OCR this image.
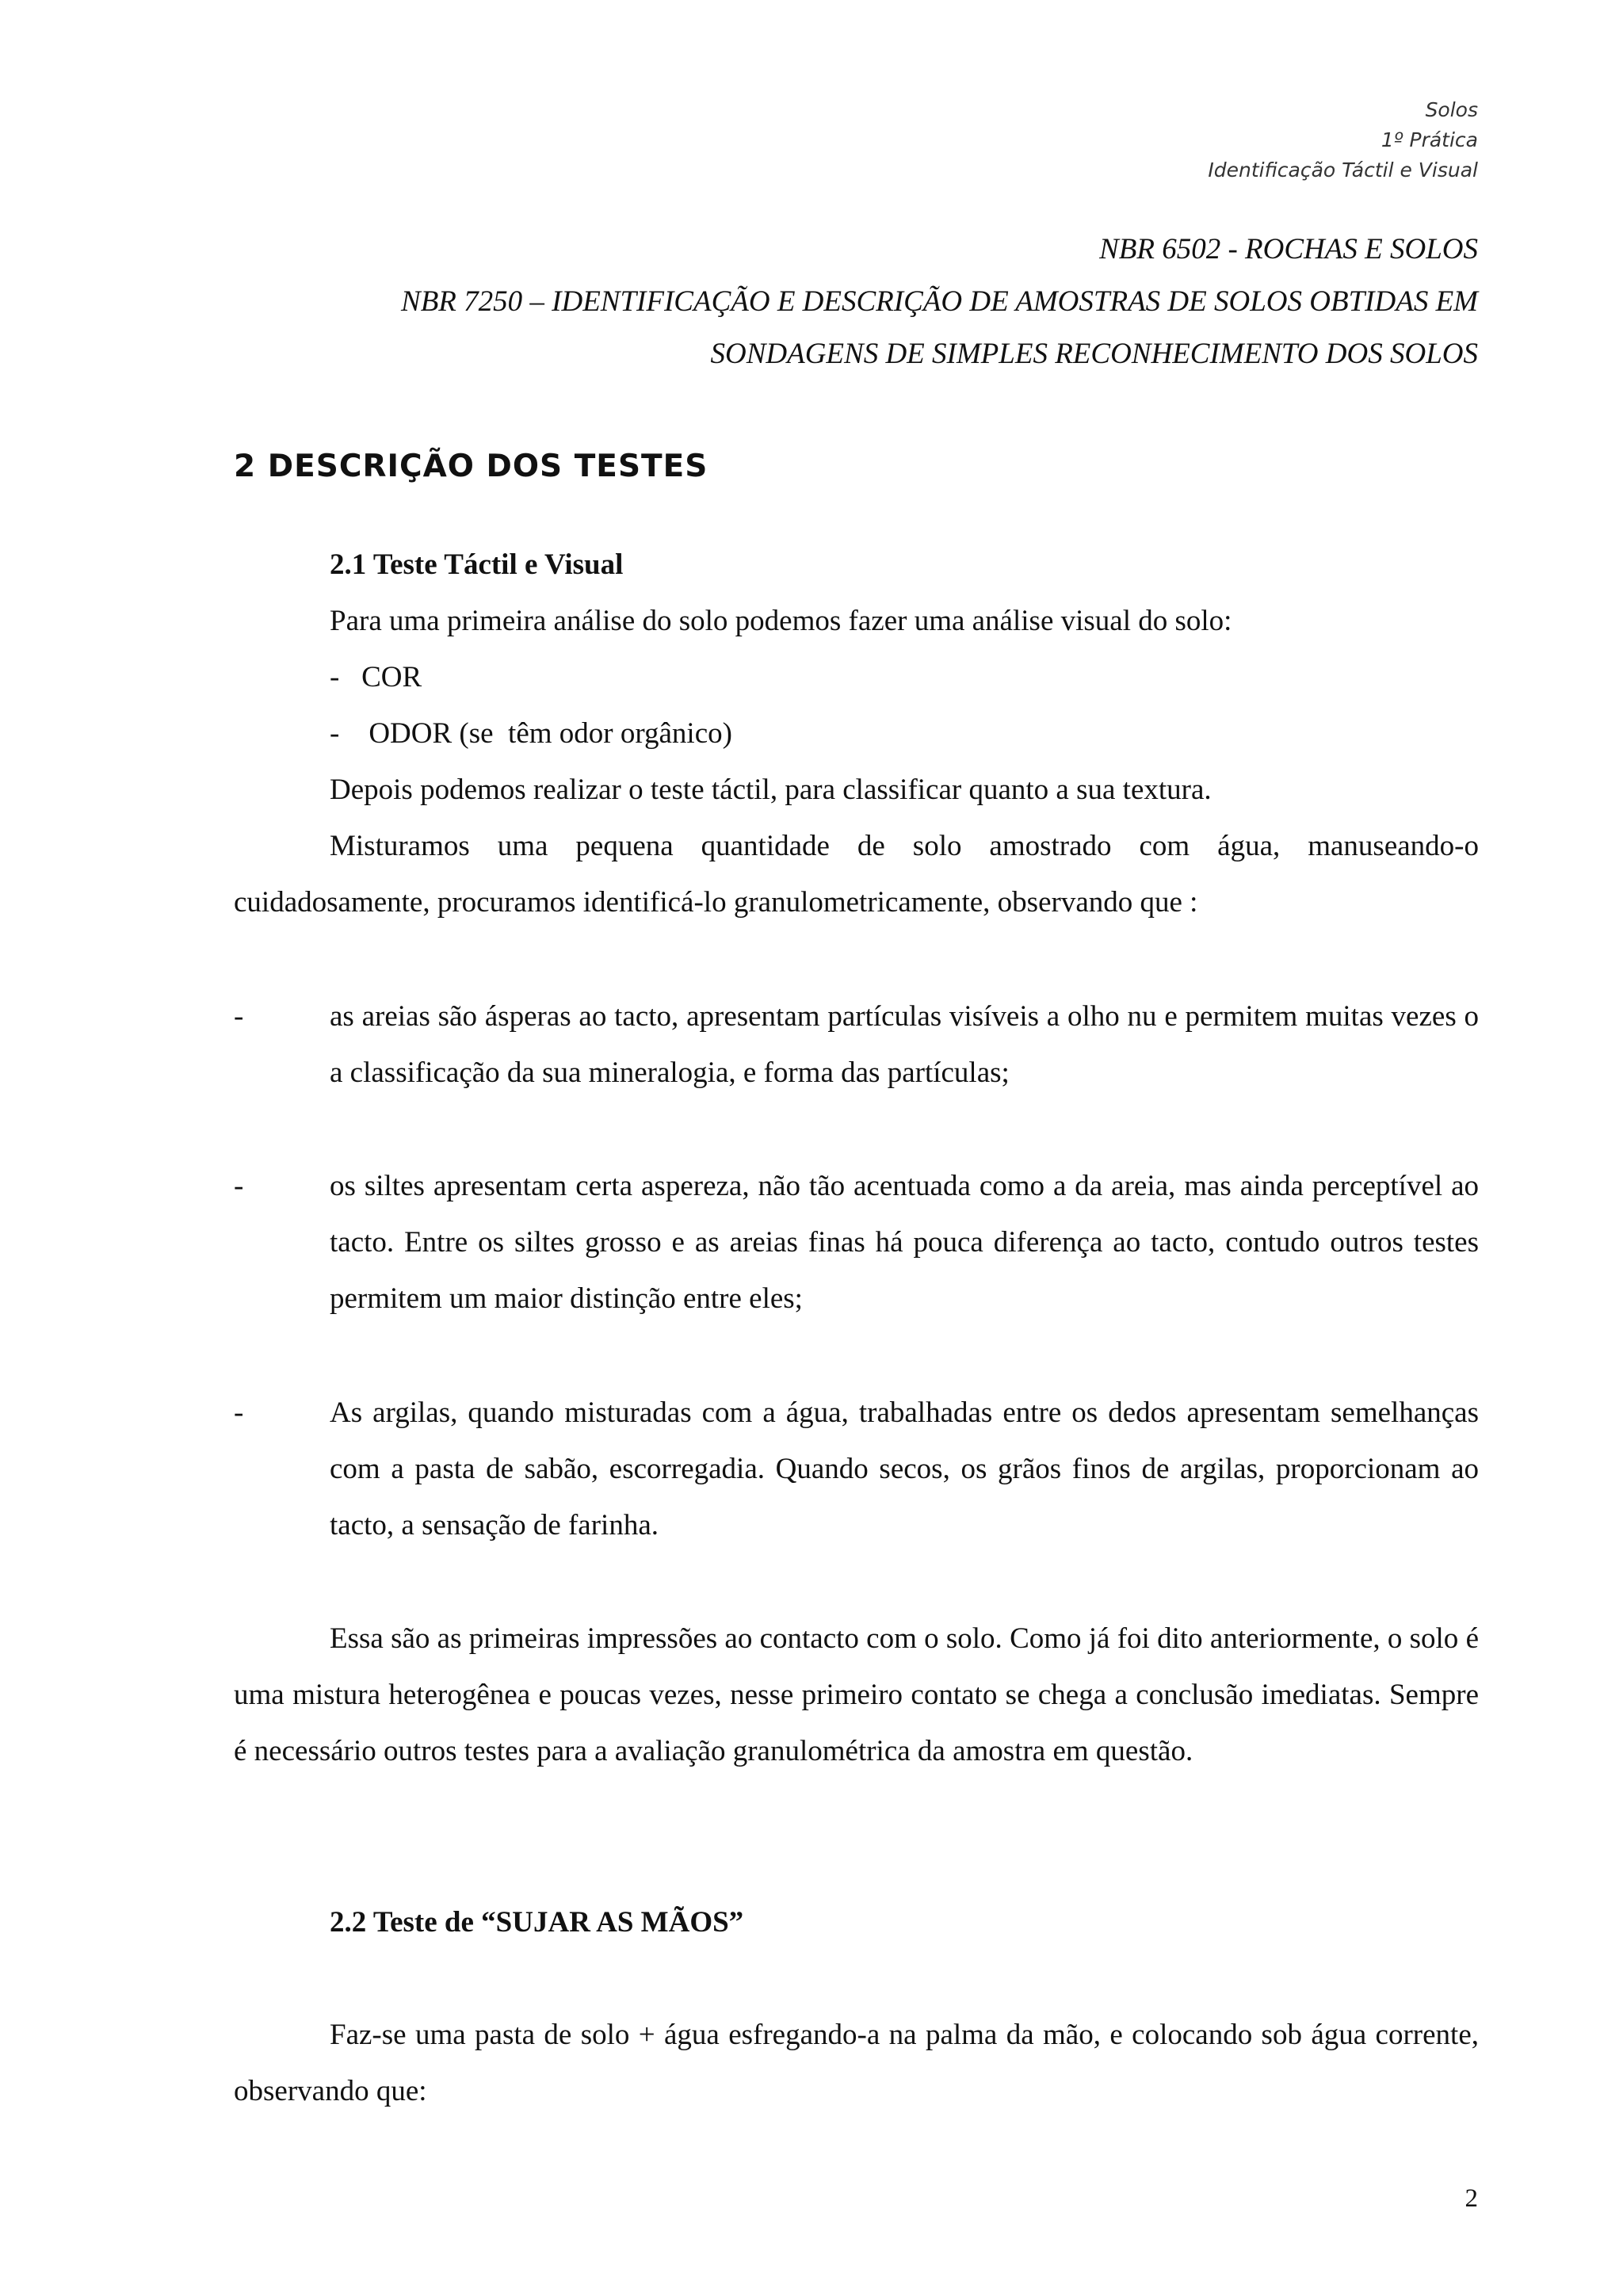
Solos
1º Prática
Identificação Táctil e Visual
NBR 6502 - ROCHAS E SOLOS
NBR 7250 – IDENTIFICAÇÃO E DESCRIÇÃO DE AMOSTRAS DE SOLOS OBTIDAS EM
SONDAGENS DE SIMPLES RECONHECIMENTO DOS SOLOS
2 DESCRIÇÃO DOS TESTES
2.1 Teste Táctil e Visual

Para uma primeira análise do solo podemos fazer uma análise visual do solo:

-   COR

-    ODOR (se  têm odor orgânico)

Depois podemos realizar o teste táctil, para classificar quanto a sua textura.

Misturamos uma pequena quantidade de solo amostrado com água, manuseando-o cuidadosamente, procuramos identificá-lo granulometricamente, observando que :

-	as areias são ásperas ao tacto, apresentam partículas visíveis a olho nu e permitem muitas vezes o a classificação da sua mineralogia, e forma das partículas;
-	os siltes apresentam certa aspereza, não tão acentuada como a da areia, mas ainda perceptível ao tacto. Entre os siltes grosso e as areias finas há pouca diferença ao tacto, contudo outros testes permitem um maior distinção entre eles;
-	As argilas, quando misturadas com a água, trabalhadas entre os dedos apresentam semelhanças com a pasta de sabão, escorregadia. Quando secos, os grãos finos de argilas, proporcionam ao tacto, a sensação de farinha.

Essa são as primeiras impressões ao contacto com o solo. Como já foi dito anteriormente, o solo é uma mistura heterogênea e poucas vezes, nesse primeiro contato se chega a conclusão imediatas. Sempre é necessário outros testes para a avaliação granulométrica da amostra em questão.

2.2 Teste de “SUJAR AS MÃOS”

Faz-se uma pasta de solo + água esfregando-a na palma da mão, e colocando sob água corrente, observando que:

2
